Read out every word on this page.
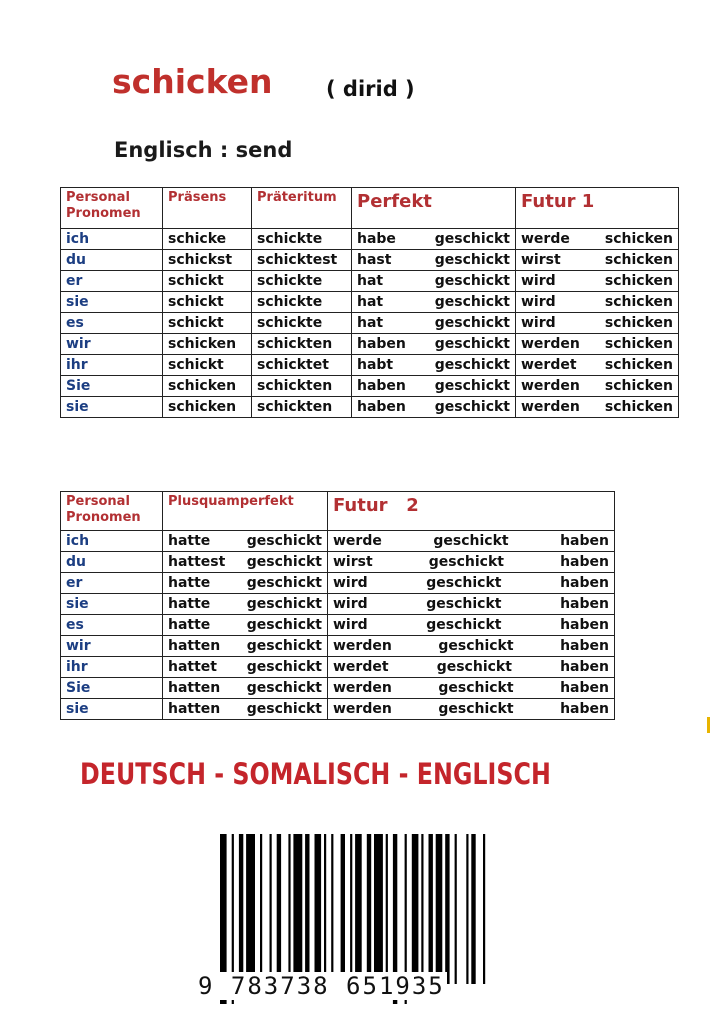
schicken	( dirid )
Englisch : send
Personal
Pronomen	Präsens	Präteritum	Perfekt	Futur 1

ich	schicke	schickte	habe geschickt	werde schicken

du	schickst	schicktest	hast geschickt	wirst schicken

er	schickt	schickte	hat geschickt	wird schicken

sie	schickt	schickte	hat geschickt	wird schicken

es	schickt	schickte	hat geschickt	wird schicken

wir	schicken	schickten	haben geschickt	werden schicken

ihr	schickt	schicktet	habt geschickt	werdet schicken

Sie	schicken	schickten	haben geschickt	werden schicken

sie	schicken	schickten	haben geschickt	werden schicken
Personal
Pronomen	Plusquamperfekt	Futur   2

ich	hatte geschickt	werde geschickt haben

du	hattest geschickt	wirst geschickt haben

er	hatte geschickt	wird geschickt haben

sie	hatte geschickt	wird geschickt haben

es	hatte geschickt	wird geschickt haben

wir	hatten geschickt	werden geschickt haben

ihr	hattet geschickt	werdet geschickt haben

Sie	hatten geschickt	werden geschickt haben

sie	hatten geschickt	werden geschickt haben
DEUTSCH - SOMALISCH - ENGLISCH
9 783738 651935
